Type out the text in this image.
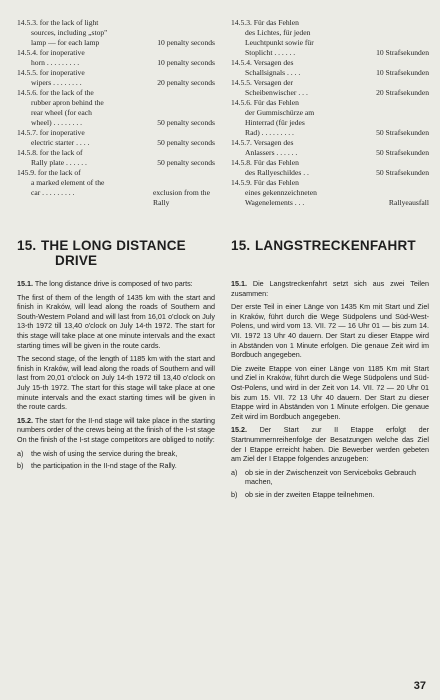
14.5.3. for the lack of light
sources, including „stop"
lamp — for each lamp	10 penalty seconds
14.5.4. for inoperative
horn . . . . . . . . .	10 penalty seconds
14.5.5. for inoperative
wipers . . . . . . . .	20 penalty seconds
14.5.6. for the lack of the
rubber apron behind the
rear wheel (for each
wheel) . . . . . . . .	50 penalty seconds
14.5.7. for inoperative
electric starter . . . .	50 penalty seconds
14.5.8. for the lack of
Rally plate . . . . . .	50 penalty seconds
145.9. for the lack of
a marked element of the
car . . . . . . . . .	exclusion from the Rally
15. THE LONG DISTANCE
DRIVE

15.1. The long distance drive is composed of two parts:

The first of them of the length of 1435 km with the start and finish in Kraków, will lead along the roads of Southern and South-Western Poland and will last from 16,01 o'clock on July 13-th 1972 till 13,40 o'clock on July 14-th 1972. The start for this stage will take place at one minute intervals and the exact starting times will be given in the route cards.

The second stage, of the length of 1185 km with the start and finish in Kraków, will lead along the roads of Southern and will last from 20,01 o'clock on July 14-th 1972 till 13,40 o'clock on July 15-th 1972. The start for this stage will take place at one minute intervals and the exact starting times will be given in the route cards.

15.2. The start for the II-nd stage will take place in the starting numbers order of the crews being at the finish of the I-st stage On the finish of the I-st stage competitors are obliged to notify:

a)	the wish of using the service during the break,
b)	the participation in the II-nd stage of the Rally.
14.5.3. Für das Fehlen
des Lichtes, für jeden
Leuchtpunkt sowie für
Stoplicht . . . . . .	10 Strafsekunden
14.5.4. Versagen des
Schallsignals . . . .	10 Strafsekunden
14.5.5. Versagen der
Scheibenwischer . . .	20 Strafsekunden
14.5.6. Für das Fehlen
der Gummischürze am
Hinterrad (für jedes
Rad) . . . . . . . . .	50 Strafsekunden
14.5.7. Versagen des
Anlassers . . . . . .	50 Strafsekunden
14.5.8. Für das Fehlen
des Rallyeschildes . .	50 Strafsekunden
14.5.9. Für das Fehlen
eines gekennzeichneten
Wagenelements . . .	Rallyeausfall
15. LANGSTRECKENFAHRT

15.1. Die Langstreckenfahrt setzt sich aus zwei Teilen zusammen:

Der erste Teil in einer Länge von 1435 Km mit Start und Ziel in Kraków, führt durch die Wege Südpolens und Süd-West-Polens, und wird vom 13. VII. 72 — 16 Uhr 01 — bis zum 14. VII. 1972 13 Uhr 40 dauern. Der Start zu dieser Etappe wird in Abständen von 1 Minute erfolgen. Die genaue Zeit wird im Bordbuch angegeben.

Die zweite Etappe von einer Länge von 1185 Km mit Start und Ziel in Kraków, führt durch die Wege Südpolens und Süd-Ost-Polens, und wird in der Zeit von 14. VII. 72 — 20 Uhr 01 bis zum 15. VII. 72 13 Uhr 40 dauern. Der Start zu dieser Etappe wird in Abständen von 1 Minute erfolgen. Die genaue Zeit wird im Bordbuch angegeben.

15.2. Der Start zur II Etappe erfolgt der Startnummernreihenfolge der Besatzungen welche das Ziel der I Etappe erreicht haben. Die Bewerber werden gebeten am Ziel der I Etappe folgendes anzugeben:

a)	ob sie in der Zwischenzeit von Serviceboks Gebrauch machen,
b)	ob sie in der zweiten Etappe teilnehmen.
37
